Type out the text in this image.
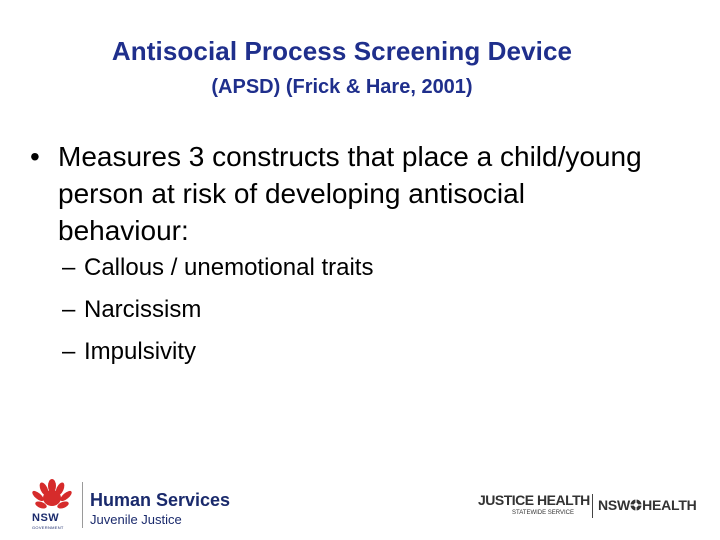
Antisocial Process Screening Device
(APSD) (Frick & Hare, 2001)
• Measures 3 constructs that place a child/young person at risk of developing antisocial behaviour:
– Callous / unemotional traits
– Narcissism
– Impulsivity
NSW
GOVERNMENT
Human Services
Juvenile Justice
JUSTICE HEALTH
STATEWIDE SERVICE NSW HEALTH
